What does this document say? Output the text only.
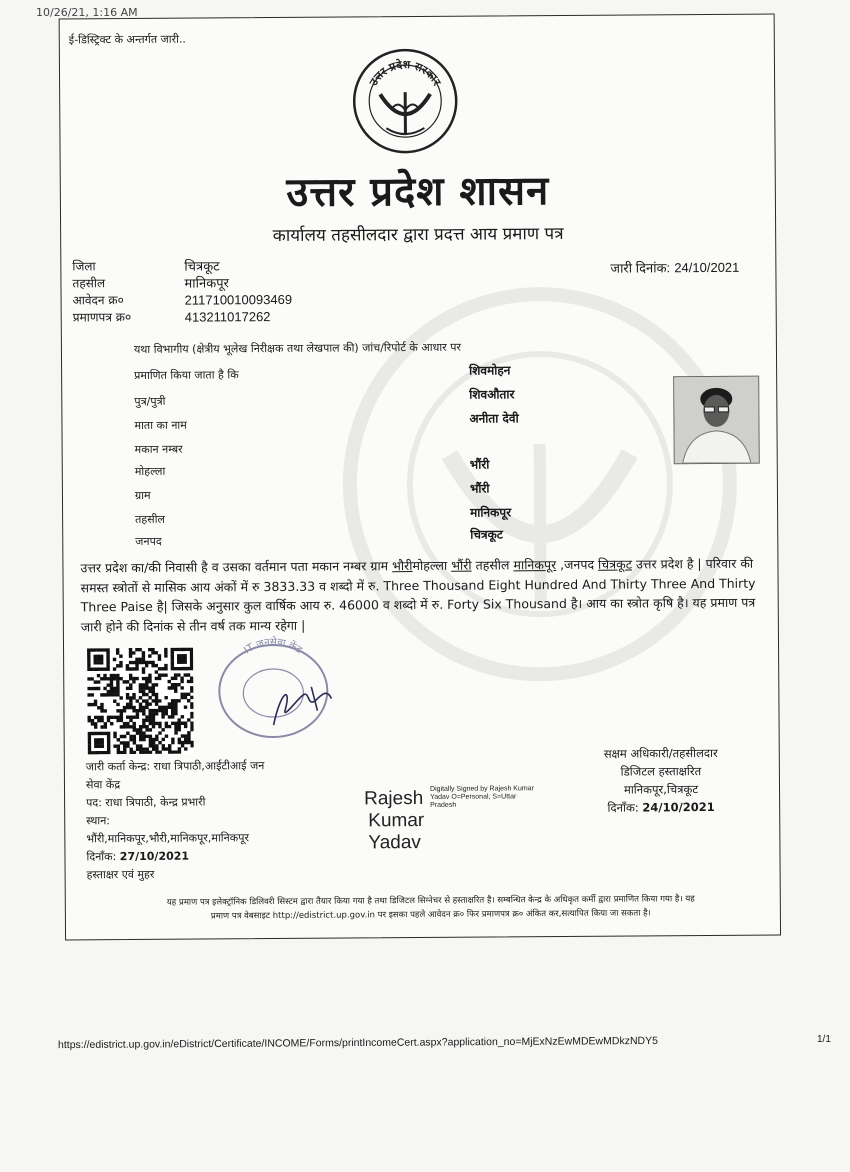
10/26/21, 1:16 AM
ई-डिस्ट्रिक्ट के अन्तर्गत जारी..
उत्तर प्रदेश सरकार
उत्तर प्रदेश शासन
कार्यालय तहसीलदार द्वारा प्रदत्त आय प्रमाण पत्र
जिला	चित्रकूट
तहसील	मानिकपूर
आवेदन क्र०	211710010093469
प्रमाणपत्र क्र०	413211017262
जारी दिनांक: 24/10/2021
यथा विभागीय (क्षेत्रीय भूलेख निरीक्षक तथा लेखपाल की) जांच/रिपोर्ट के आधार पर
प्रमाणित किया जाता है कि	शिवमोहन
पुत्र/पुत्री	शिवऔतार
माता का नाम	अनीता देवी
मकान नम्बर
मोहल्ला	भौंरी
ग्राम	भौंरी
तहसील	मानिकपूर
जनपद	चित्रकूट
उत्तर प्रदेश का/की निवासी है व उसका वर्तमान पता मकान नम्बर ग्राम भौरीमोहल्ला भौंरी तहसील मानिकपूर ,जनपद चित्रकूट उत्तर प्रदेश है | परिवार की समस्त स्त्रोतों से मासिक आय अंकों में रु 3833.33 व शब्दो में रु. Three Thousand Eight Hundred And Thirty Three And Thirty Three Paise है| जिसके अनुसार कुल वार्षिक आय रु. 46000 व शब्दो में रु. Forty Six Thousand है। आय का स्त्रोत कृषि है। यह प्रमाण पत्र जारी होने की दिनांक से तीन वर्ष तक मान्य रहेगा |
IT जनसेवा केंद्र
जारी कर्ता केन्द्र: राधा त्रिपाठी,आईटीआई जन
सेवा केंद्र
पद: राधा त्रिपाठी, केन्द्र प्रभारी
स्थान:
भौंरी,मानिकपूर,भौरी,मानिकपूर,मानिकपूर
दिनाँक: 27/10/2021
हस्ताक्षर एवं मुहर
Rajesh
Kumar
Yadav
Digitally Signed by Rajesh Kumar Yadav O=Personal, S=Uttar Pradesh
सक्षम अधिकारी/तहसीलदार
डिजिटल हस्ताक्षरित
मानिकपूर,चित्रकूट
दिनाँक: 24/10/2021
यह प्रमाण पत्र इलेक्ट्रॉनिक डिलिवरी सिस्टम द्वारा तैयार किया गया है तथा डिजिटल सिग्नेचर से हस्ताक्षरित है। सम्बन्धित केन्द्र के अधिकृत कर्मी द्वारा प्रमाणित किया गया है। यह
प्रमाण पत्र वेबसाइट http://edistrict.up.gov.in पर इसका पहले आवेदन क्र० फिर प्रमाणपत्र क्र० अंकित कर,सत्यापित किया जा सकता है।
https://edistrict.up.gov.in/eDistrict/Certificate/INCOME/Forms/printIncomeCert.aspx?application_no=MjExNzEwMDEwMDkzNDY5	1/1
